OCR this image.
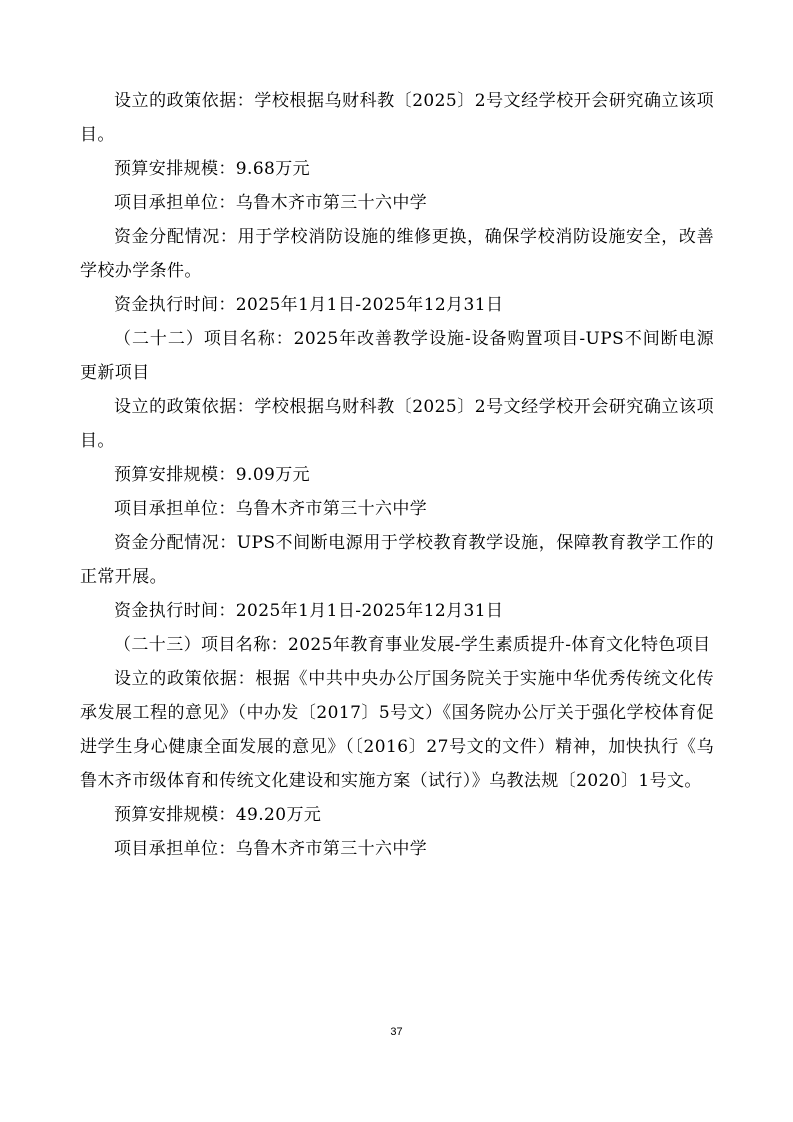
设立的政策依据：学校根据乌财科教〔2025〕2号文经学校开会研究确立该项目。

预算安排规模：9.68万元

项目承担单位：乌鲁木齐市第三十六中学

资金分配情况：用于学校消防设施的维修更换，确保学校消防设施安全，改善学校办学条件。

资金执行时间：2025年1月1日-2025年12月31日

（二十二）项目名称：2025年改善教学设施-设备购置项目-UPS不间断电源更新项目

设立的政策依据：学校根据乌财科教〔2025〕2号文经学校开会研究确立该项目。

预算安排规模：9.09万元

项目承担单位：乌鲁木齐市第三十六中学

资金分配情况：UPS不间断电源用于学校教育教学设施，保障教育教学工作的正常开展。

资金执行时间：2025年1月1日-2025年12月31日

（二十三）项目名称：2025年教育事业发展-学生素质提升-体育文化特色项目

设立的政策依据：根据《中共中央办公厅国务院关于实施中华优秀传统文化传承发展工程的意见》（中办发〔2017〕5号文）《国务院办公厅关于强化学校体育促进学生身心健康全面发展的意见》（〔2016〕27号文的文件）精神，加快执行《乌鲁木齐市级体育和传统文化建设和实施方案（试行）》乌教法规〔2020〕1号文。

预算安排规模：49.20万元

项目承担单位：乌鲁木齐市第三十六中学

37
